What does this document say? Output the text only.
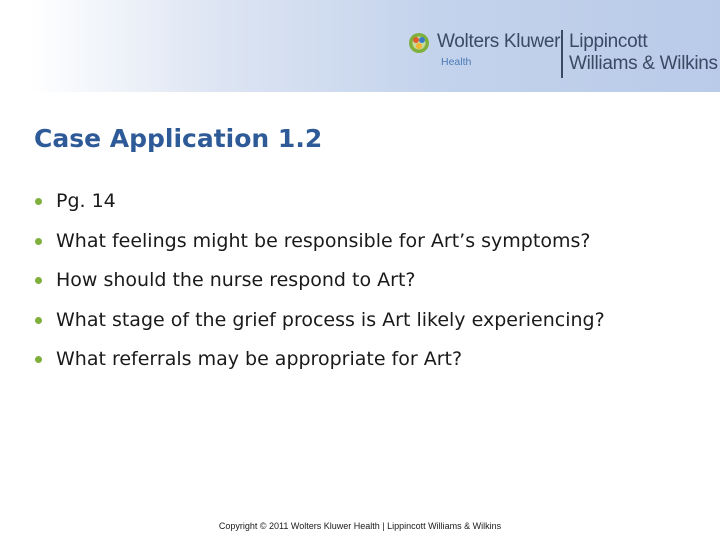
Wolters Kluwer
Health
Lippincott
Williams & Wilkins
Case Application 1.2
Pg. 14
What feelings might be responsible for Art’s symptoms?
How should the nurse respond to Art?
What stage of the grief process is Art likely experiencing?
What referrals may be appropriate for Art?
Copyright © 2011 Wolters Kluwer Health | Lippincott Williams & Wilkins
